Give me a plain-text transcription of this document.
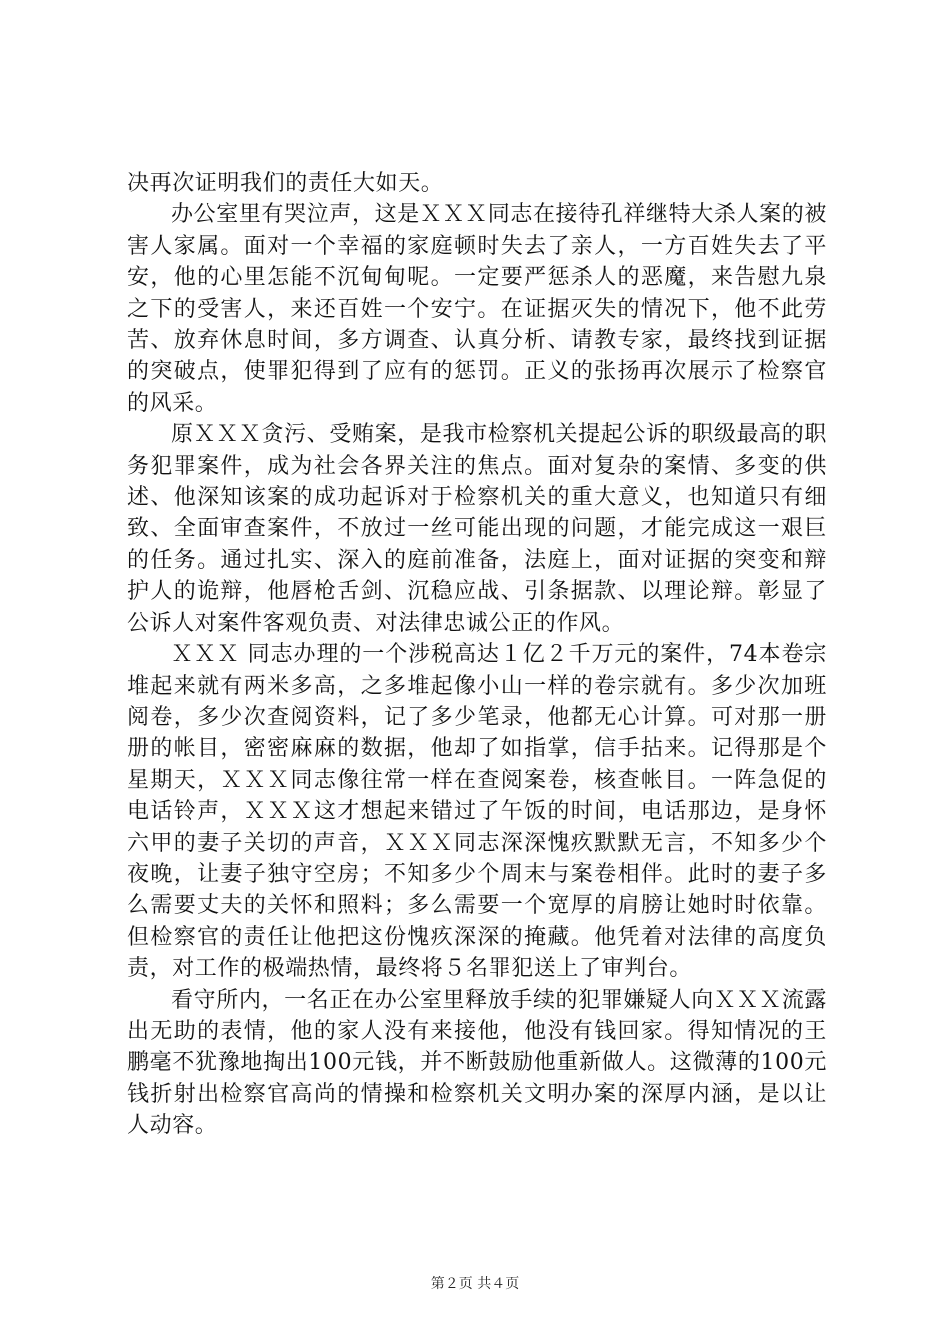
决再次证明我们的责任大如天。

办公室里有哭泣声，这是ＸＸＸ同志在接待孔祥继特大杀人案的被害人家属。面对一个幸福的家庭顿时失去了亲人，一方百姓失去了平安，他的心里怎能不沉甸甸呢。一定要严惩杀人的恶魔，来告慰九泉之下的受害人，来还百姓一个安宁。在证据灭失的情况下，他不此劳苦、放弃休息时间，多方调查、认真分析、请教专家，最终找到证据的突破点，使罪犯得到了应有的惩罚。正义的张扬再次展示了检察官的风采。

原ＸＸＸ贪污、受贿案，是我市检察机关提起公诉的职级最高的职务犯罪案件，成为社会各界关注的焦点。面对复杂的案情、多变的供述、他深知该案的成功起诉对于检察机关的重大意义，也知道只有细致、全面审查案件，不放过一丝可能出现的问题，才能完成这一艰巨的任务。通过扎实、深入的庭前准备，法庭上，面对证据的突变和辩护人的诡辩，他唇枪舌剑、沉稳应战、引条据款、以理论辩。彰显了公诉人对案件客观负责、对法律忠诚公正的作风。

ＸＸＸ 同志办理的一个涉税高达１亿２千万元的案件，74本卷宗堆起来就有两米多高，之多堆起像小山一样的卷宗就有。多少次加班阅卷，多少次查阅资料，记了多少笔录，他都无心计算。可对那一册册的帐目，密密麻麻的数据，他却了如指掌，信手拈来。记得那是个星期天，ＸＸＸ同志像往常一样在查阅案卷，核查帐目。一阵急促的电话铃声，ＸＸＸ这才想起来错过了午饭的时间，电话那边，是身怀六甲的妻子关切的声音，ＸＸＸ同志深深愧疚默默无言，不知多少个夜晚，让妻子独守空房；不知多少个周末与案卷相伴。此时的妻子多么需要丈夫的关怀和照料；多么需要一个宽厚的肩膀让她时时依靠。但检察官的责任让他把这份愧疚深深的掩藏。他凭着对法律的高度负责，对工作的极端热情，最终将５名罪犯送上了审判台。

看守所内，一名正在办公室里释放手续的犯罪嫌疑人向ＸＸＸ流露出无助的表情，他的家人没有来接他，他没有钱回家。得知情况的王鹏毫不犹豫地掏出100元钱，并不断鼓励他重新做人。这微薄的100元钱折射出检察官高尚的情操和检察机关文明办案的深厚内涵，是以让人动容。

第２页 共４页
